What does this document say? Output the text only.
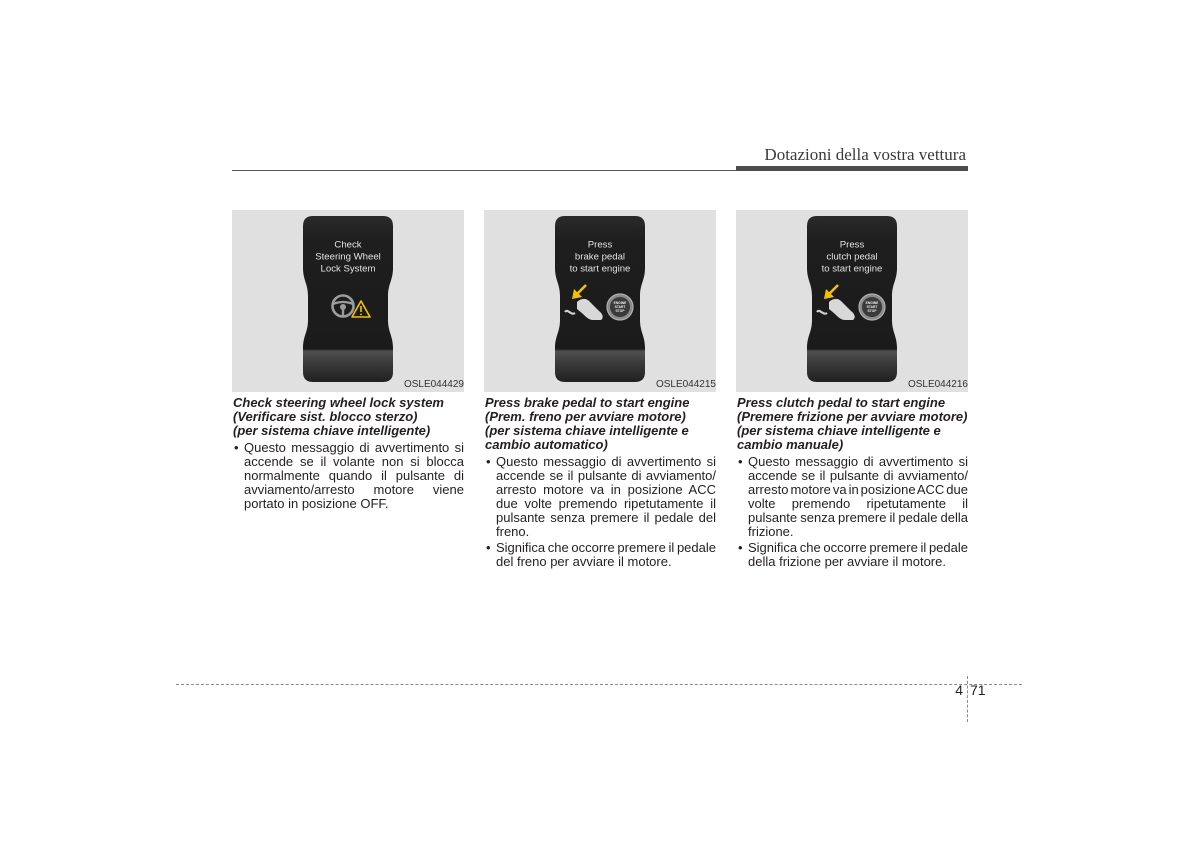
Dotazioni della vostra vettura
Check
Steering Wheel
Lock System
OSLE044429
Check steering wheel lock system
(Verificare sist. blocco sterzo)
(per sistema chiave intelligente)
• Questo messaggio di avvertimento si
accende se il volante non si blocca
normalmente quando il pulsante di
avviamento/arresto motore viene
portato in posizione OFF.
Press
brake pedal
to start engine
ENGINE
START
STOP
OSLE044215
Press brake pedal to start engine
(Prem. freno per avviare motore)
(per sistema chiave intelligente e
cambio automatico)
• Questo messaggio di avvertimento si
accende se il pulsante di avviamento/
arresto motore va in posizione ACC
due volte premendo ripetutamente il
pulsante senza premere il pedale del
freno.
• Significa che occorre premere il pedale
del freno per avviare il motore.
Press
clutch pedal
to start engine
ENGINE
START
STOP
OSLE044216
Press clutch pedal to start engine
(Premere frizione per avviare motore)
(per sistema chiave intelligente e
cambio manuale)
• Questo messaggio di avvertimento si
accende se il pulsante di avviamento/
arresto motore va in posizione ACC due
volte premendo ripetutamente il
pulsante senza premere il pedale della
frizione.
• Significa che occorre premere il pedale
della frizione per avviare il motore.
4 71
